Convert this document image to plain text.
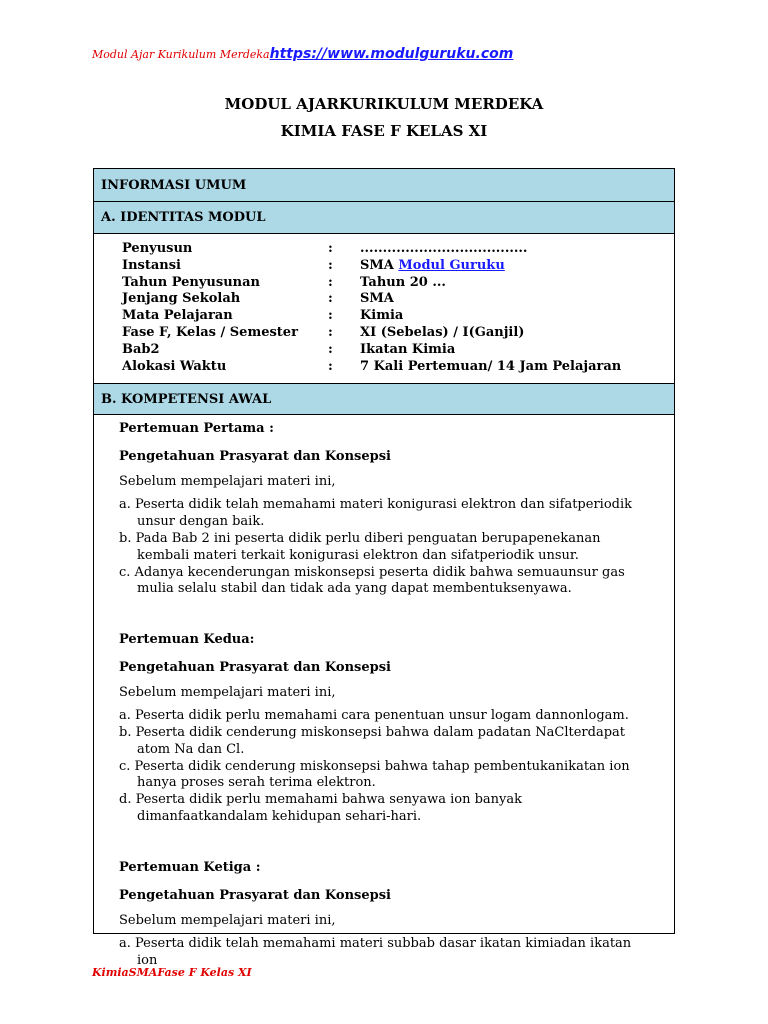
Modul Ajar Kurikulum Merdekahttps://www.modulguruku.com
MODUL AJARKURIKULUM MERDEKA
KIMIA FASE F KELAS XI
INFORMASI UMUM
A. IDENTITAS MODUL
Penyusun	:	.....................................
Instansi	:	SMA Modul Guruku
Tahun Penyusunan	:	Tahun 20 ...
Jenjang Sekolah	:	SMA
Mata Pelajaran	:	Kimia
Fase F, Kelas / Semester	:	XI (Sebelas) / I(Ganjil)
Bab2	:	Ikatan Kimia
Alokasi Waktu	:	7 Kali Pertemuan/ 14 Jam Pelajaran
B. KOMPETENSI AWAL

Pertemuan Pertama :

Pengetahuan Prasyarat dan Konsepsi

Sebelum mempelajari materi ini,

a. Peserta didik telah memahami materi konigurasi elektron dan sifatperiodik unsur dengan baik.

b. Pada Bab 2 ini peserta didik perlu diberi penguatan berupapenekanan kembali materi terkait konigurasi elektron dan sifatperiodik unsur.

c. Adanya kecenderungan miskonsepsi peserta didik bahwa semuaunsur gas mulia selalu stabil dan tidak ada yang dapat membentuksenyawa.

Pertemuan Kedua:

Pengetahuan Prasyarat dan Konsepsi

Sebelum mempelajari materi ini,

a. Peserta didik perlu memahami cara penentuan unsur logam dannonlogam.

b. Peserta didik cenderung miskonsepsi bahwa dalam padatan NaClterdapat atom Na dan Cl.

c. Peserta didik cenderung miskonsepsi bahwa tahap pembentukanikatan ion hanya proses serah terima elektron.

d. Peserta didik perlu memahami bahwa senyawa ion banyak dimanfaatkandalam kehidupan sehari-hari.

Pertemuan Ketiga :

Pengetahuan Prasyarat dan Konsepsi

Sebelum mempelajari materi ini,

a. Peserta didik telah memahami materi subbab dasar ikatan kimiadan ikatan ion

KimiaSMAFase F Kelas XI
